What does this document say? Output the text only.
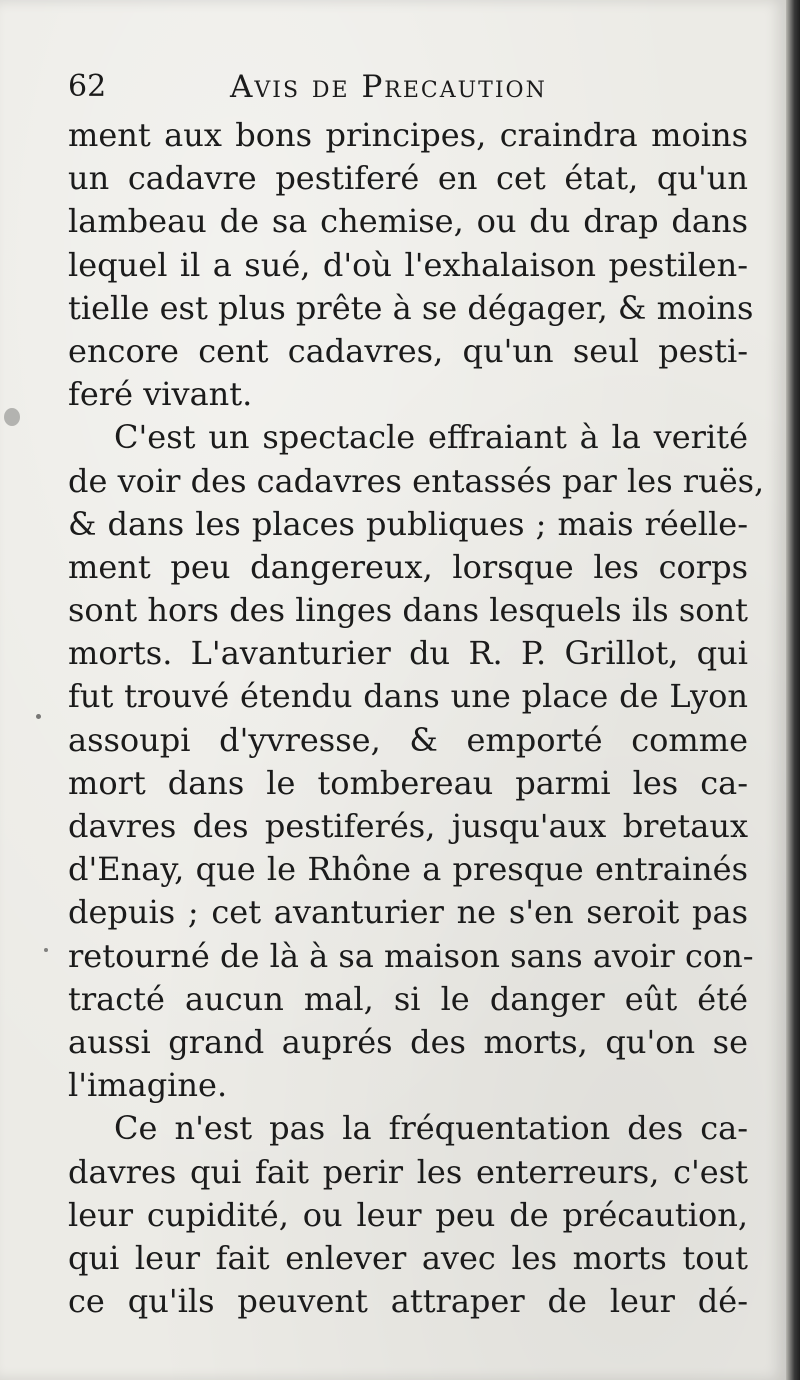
62	Avis de Precaution
ment aux bons principes, craindra moins
un cadavre pestiferé en cet état, qu'un
lambeau de sa chemise, ou du drap dans
lequel il a sué, d'où l'exhalaison pestilen-
tielle est plus prête à se dégager, & moins
encore cent cadavres, qu'un seul pesti-
feré vivant.
C'est un spectacle effraiant à la verité
de voir des cadavres entassés par les ruës,
& dans les places publiques ; mais réelle-
ment peu dangereux, lorsque les corps
sont hors des linges dans lesquels ils sont
morts. L'avanturier du R. P. Grillot, qui
fut trouvé étendu dans une place de Lyon
assoupi d'yvresse, & emporté comme
mort dans le tombereau parmi les ca-
davres des pestiferés, jusqu'aux bretaux
d'Enay, que le Rhône a presque entrainés
depuis ; cet avanturier ne s'en seroit pas
retourné de là à sa maison sans avoir con-
tracté aucun mal, si le danger eût été
aussi grand auprés des morts, qu'on se
l'imagine.
Ce n'est pas la fréquentation des ca-
davres qui fait perir les enterreurs, c'est
leur cupidité, ou leur peu de précaution,
qui leur fait enlever avec les morts tout
ce qu'ils peuvent attraper de leur dé-
